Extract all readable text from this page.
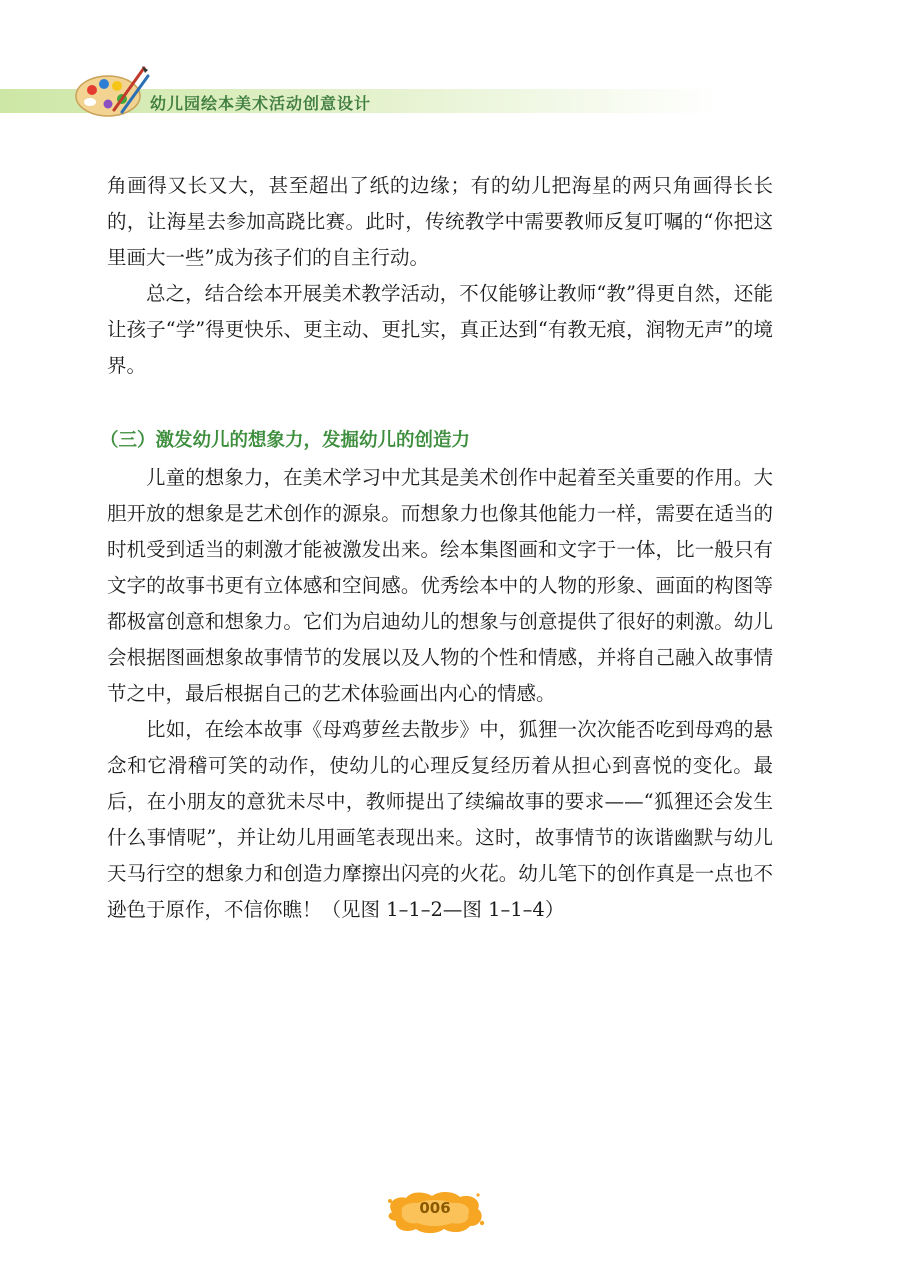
幼儿园绘本美术活动创意设计

角画得又长又大，甚至超出了纸的边缘；有的幼儿把海星的两只角画得长长的，让海星去参加高跷比赛。此时，传统教学中需要教师反复叮嘱的“你把这里画大一些”成为孩子们的自主行动。

总之，结合绘本开展美术教学活动，不仅能够让教师“教”得更自然，还能让孩子“学”得更快乐、更主动、更扎实，真正达到“有教无痕，润物无声”的境界。

（三）激发幼儿的想象力，发掘幼儿的创造力

儿童的想象力，在美术学习中尤其是美术创作中起着至关重要的作用。大胆开放的想象是艺术创作的源泉。而想象力也像其他能力一样，需要在适当的时机受到适当的刺激才能被激发出来。绘本集图画和文字于一体，比一般只有文字的故事书更有立体感和空间感。优秀绘本中的人物的形象、画面的构图等都极富创意和想象力。它们为启迪幼儿的想象与创意提供了很好的刺激。幼儿会根据图画想象故事情节的发展以及人物的个性和情感，并将自己融入故事情节之中，最后根据自己的艺术体验画出内心的情感。

比如，在绘本故事《母鸡萝丝去散步》中，狐狸一次次能否吃到母鸡的悬念和它滑稽可笑的动作，使幼儿的心理反复经历着从担心到喜悦的变化。最后，在小朋友的意犹未尽中，教师提出了续编故事的要求——“狐狸还会发生什么事情呢”，并让幼儿用画笔表现出来。这时，故事情节的诙谐幽默与幼儿天马行空的想象力和创造力摩擦出闪亮的火花。幼儿笔下的创作真是一点也不逊色于原作，不信你瞧！（见图 1–1–2—图 1–1–4）

006
